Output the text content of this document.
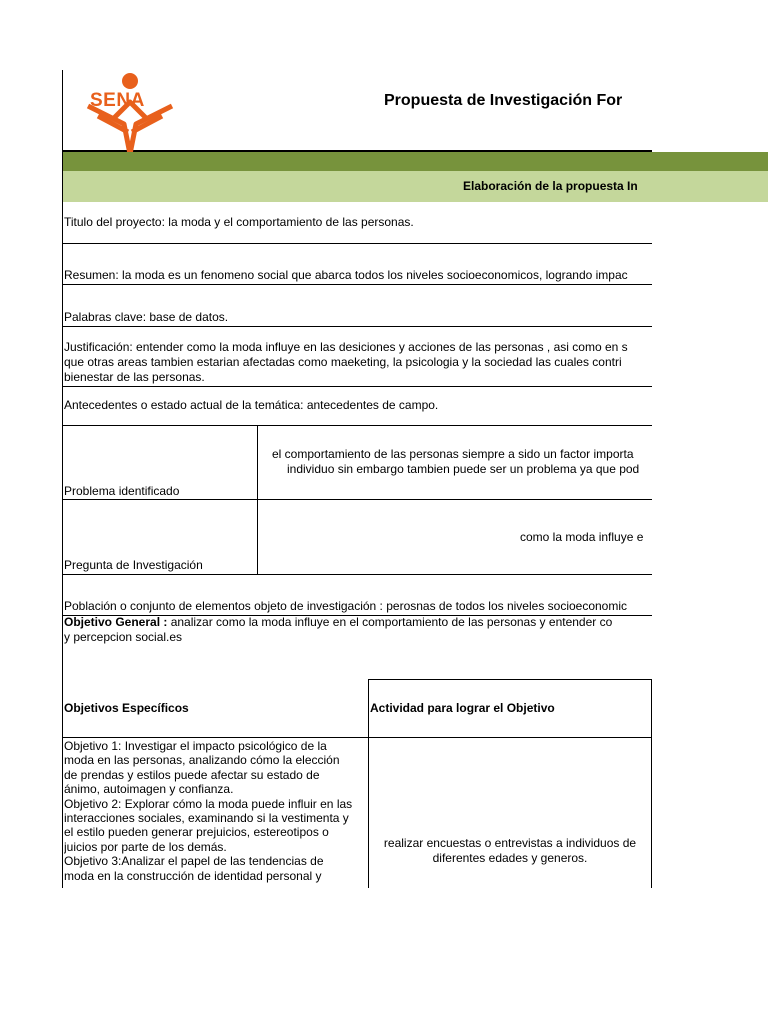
SENA	Propuesta de Investigación For
Elaboración de la propuesta In
Titulo del proyecto: la moda y el comportamiento de las personas.
Resumen: la moda es un fenomeno social que abarca todos los niveles socioeconomicos, logrando impac
Palabras clave: base de datos.
Justificación: entender como la moda influye en las desiciones y acciones de las personas , asi como en s
que otras areas tambien estarian afectadas como maeketing, la psicologia y la sociedad las cuales contri
bienestar de las personas.
Antecedentes o estado actual de la temática: antecedentes de campo.
el comportamiento de las personas siempre a sido un factor importa
individuo sin embargo tambien puede ser un problema ya que pod
Problema identificado
como la moda influye e
Pregunta de Investigación
Población o conjunto de elementos objeto de investigación : perosnas de todos los niveles socioeconomic
Objetivo General : analizar como la moda influye en el comportamiento de las personas y entender co
y percepcion social.es
Objetivos Específicos	Actividad para lograr el Objetivo
Objetivo 1: Investigar el impacto psicológico de la
moda en las personas, analizando cómo la elección
de prendas y estilos puede afectar su estado de
ánimo, autoimagen y confianza.
Objetivo 2: Explorar cómo la moda puede influir en las
interacciones sociales, examinando si la vestimenta y
el estilo pueden generar prejuicios, estereotipos o
juicios por parte de los demás.
Objetivo 3:Analizar el papel de las tendencias de
moda en la construcción de identidad personal y
realizar encuestas o entrevistas a individuos de
diferentes edades y generos.
